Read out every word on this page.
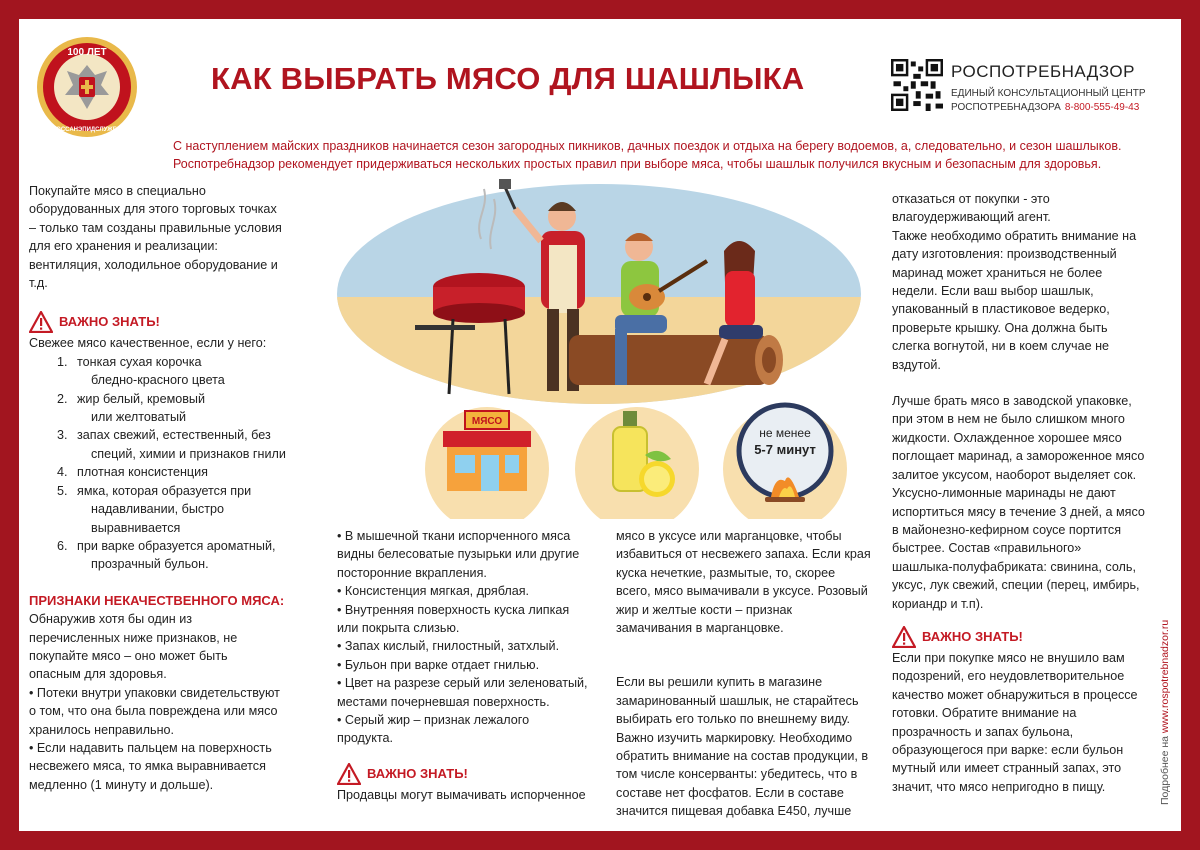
100 ЛЕТ
ГОССАНЭПИДСЛУЖБА
КАК ВЫБРАТЬ МЯСО ДЛЯ ШАШЛЫКА	РОСПОТРЕБНАДЗОР
ЕДИНЫЙ КОНСУЛЬТАЦИОННЫЙ ЦЕНТР
РОСПОТРЕБНАДЗОРА 8-800-555-49-43

С наступлением майских праздников начинается сезон загородных пикников, дачных поездок и отдыха на берегу водоемов, а, следовательно, и сезон шашлыков.

Роспотребнадзор рекомендует придерживаться нескольких простых правил при выборе мяса, чтобы шашлык получился вкусным и безопасным для здоровья.

МЯСО
не менее
5-7 минут

Покупайте мясо в специально

оборудованных для этого торговых точках

– только там созданы правильные условия

для его хранения и реализации:

вентиляция, холодильное оборудование и

т.д.

ВАЖНО ЗНАТЬ!

Свежее мясо качественное, если у него:

1. тонкая сухая корочка
бледно-красного цвета
2. жир белый, кремовый
или желтоватый
3. запах свежий, естественный, без
специй, химии и признаков гнили
4. плотная консистенция
5. ямка, которая образуется при
надавливании, быстро
выравнивается
6. при варке образуется ароматный,
прозрачный бульон.

ПРИЗНАКИ НЕКАЧЕСТВЕННОГО МЯСА:

Обнаружив хотя бы один из

перечисленных ниже признаков, не

покупайте мясо – оно может быть

опасным для здоровья.

• Потеки внутри упаковки свидетельствуют

о том, что она была повреждена или мясо

хранилось неправильно.

• Если надавить пальцем на поверхность

несвежего мяса, то ямка выравнивается

медленно (1 минуту и дольше).

• В мышечной ткани испорченного мяса

видны белесоватые пузырьки или другие

посторонние вкрапления.

• Консистенция мягкая, дряблая.

• Внутренняя поверхность куска липкая

или покрыта слизью.

• Запах кислый, гнилостный, затхлый.

• Бульон при варке отдает гнилью.

• Цвет на разрезе серый или зеленоватый,

местами почерневшая поверхность.

• Серый жир – признак лежалого

продукта.

ВАЖНО ЗНАТЬ!

Продавцы могут вымачивать испорченное

мясо в уксусе или марганцовке, чтобы

избавиться от несвежего запаха. Если края

куска нечеткие, размытые, то, скорее

всего, мясо вымачивали в уксусе. Розовый

жир и желтые кости – признак

замачивания в марганцовке.

Если вы решили купить в магазине

замаринованный шашлык, не старайтесь

выбирать его только по внешнему виду.

Важно изучить маркировку. Необходимо

обратить внимание на состав продукции, в

том числе консерванты: убедитесь, что в

составе нет фосфатов. Если в составе

значится пищевая добавка Е450, лучше

отказаться от покупки - это

влагоудерживающий агент.

Также необходимо обратить внимание на

дату изготовления: производственный

маринад может храниться не более

недели. Если ваш выбор шашлык,

упакованный в пластиковое ведерко,

проверьте крышку. Она должна быть

слегка вогнутой, ни в коем случае не

вздутой.

Лучше брать мясо в заводской упаковке,

при этом в нем не было слишком много

жидкости. Охлажденное хорошее мясо

поглощает маринад, а замороженное мясо

залитое уксусом, наоборот выделяет сок.

Уксусно-лимонные маринады не дают

испортиться мясу в течение 3 дней, а мясо

в майонезно-кефирном соусе портится

быстрее. Состав «правильного»

шашлыка-полуфабриката: свинина, соль,

уксус, лук свежий, специи (перец, имбирь,

кориандр и т.п).

ВАЖНО ЗНАТЬ!

Если при покупке мясо не внушило вам

подозрений, его неудовлетворительное

качество может обнаружиться в процессе

готовки. Обратите внимание на

прозрачность и запах бульона,

образующегося при варке: если бульон

мутный или имеет странный запах, это

значит, что мясо непригодно в пищу.	Подробнее на www.rospotrebnadzor.ru
